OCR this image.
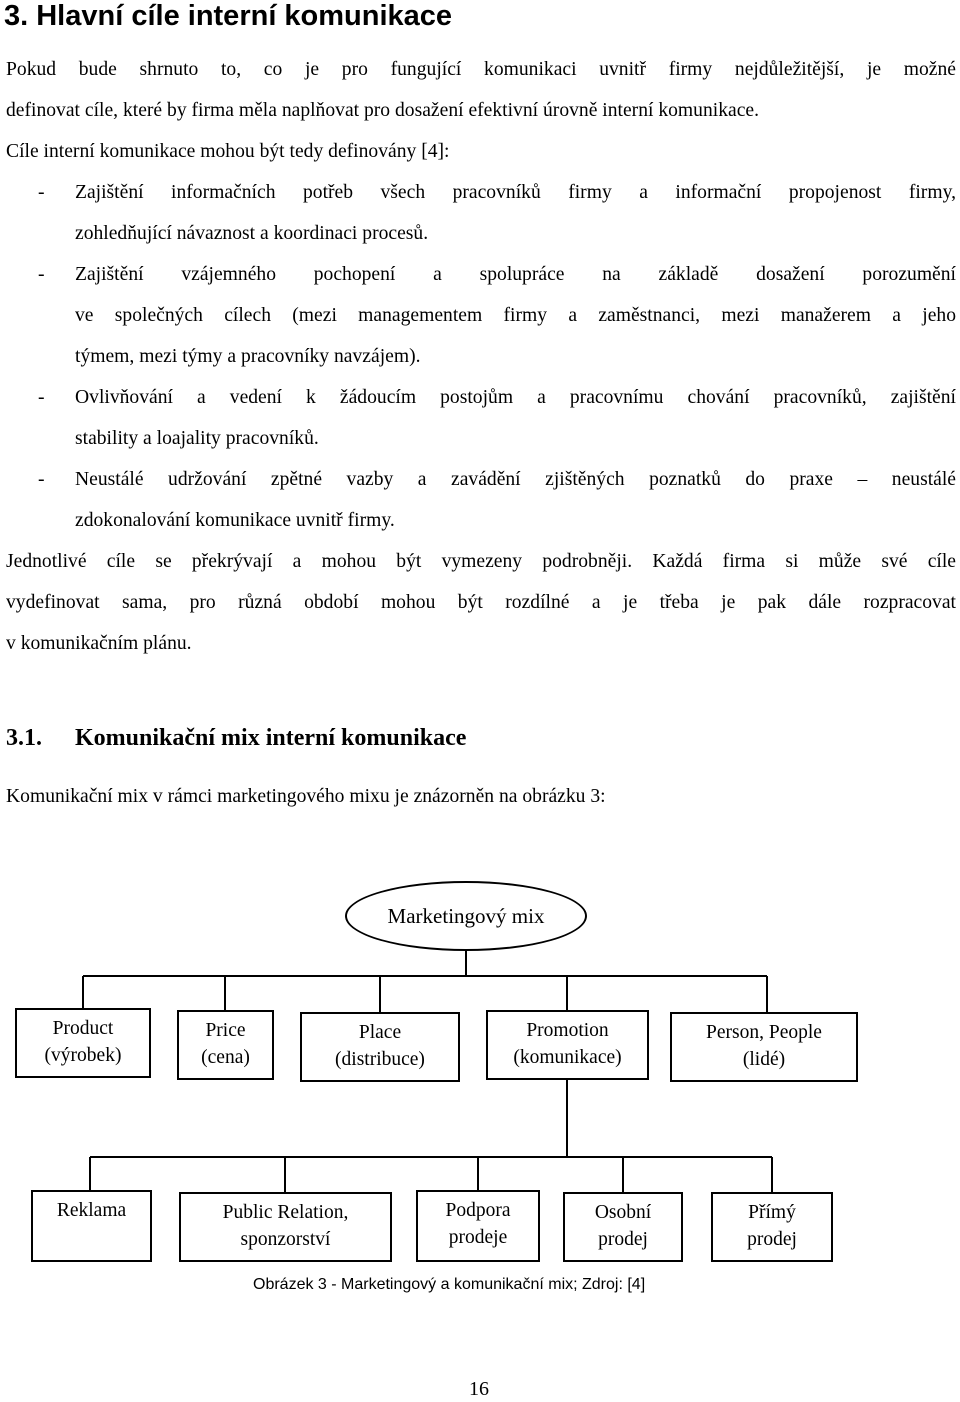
3. Hlavní cíle interní komunikace
Pokud bude shrnuto to, co je pro fungující komunikaci uvnitř firmy nejdůležitější, je možné
definovat cíle, které by firma měla naplňovat pro dosažení efektivní úrovně interní komunikace.
Cíle interní komunikace mohou být tedy definovány [4]:
- Zajištění informačních potřeb všech pracovníků firmy a informační propojenost firmy,
zohledňující návaznost a koordinaci procesů.
- Zajištění vzájemného pochopení a spolupráce na základě dosažení porozumění
ve společných cílech (mezi managementem firmy a zaměstnanci, mezi manažerem a jeho
týmem, mezi týmy a pracovníky navzájem).
- Ovlivňování a vedení k žádoucím postojům a pracovnímu chování pracovníků, zajištění
stability a loajality pracovníků.
- Neustálé udržování zpětné vazby a zavádění zjištěných poznatků do praxe – neustálé
zdokonalování komunikace uvnitř firmy.
Jednotlivé cíle se překrývají a mohou být vymezeny podrobněji. Každá firma si může své cíle
vydefinovat sama, pro různá období mohou být rozdílné a je třeba je pak dále rozpracovat
v komunikačním plánu.
3.1. Komunikační mix interní komunikace
Komunikační mix v rámci marketingového mixu je znázorněn na obrázku 3:
Marketingový mix
Product
(výrobek)
Price
(cena)
Place
(distribuce)
Promotion
(komunikace)
Person, People
(lidé)
Reklama	Public Relation,
sponzorství
Podpora
prodeje
Osobní
prodej
Přímý
prodej
Obrázek 3 - Marketingový a komunikační mix; Zdroj: [4]
16
